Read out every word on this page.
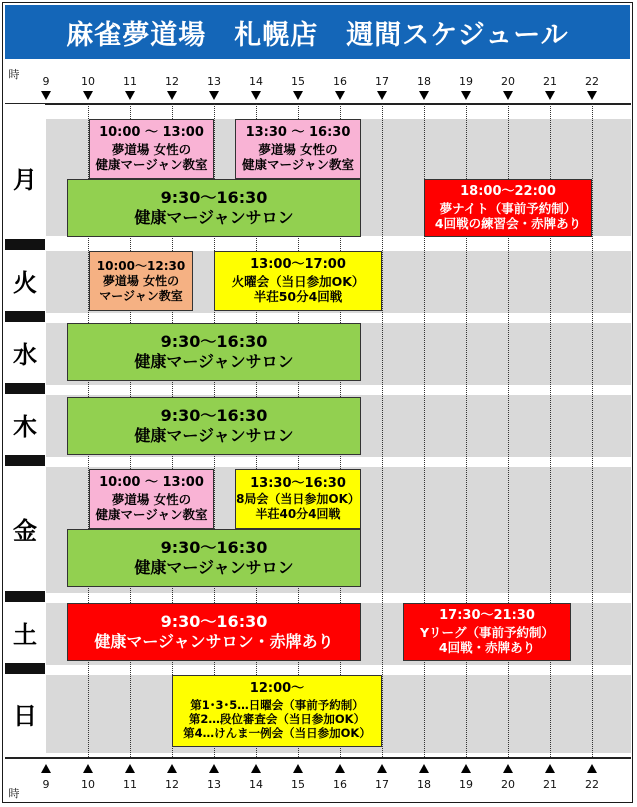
麻雀夢道場　札幌店　週間スケジュール
時
9	10	11	12	13	14	15	16	17	18	19	20	21	22
9	10	11	12	13	14	15	16	17	18	19	20	21	22
時
月
火
水
木
金
土
日
10:00 ～ 13:00
夢道場 女性の
健康マージャン教室
13:30 ～ 16:30
夢道場 女性の
健康マージャン教室
9:30～16:30
健康マージャンサロン
18:00～22:00
夢ナイト（事前予約制）
4回戦の練習会・赤牌あり
10:00～12:30
夢道場 女性の
マージャン教室
13:00～17:00
火曜会（当日参加OK）
半荘50分4回戦
9:30～16:30
健康マージャンサロン
9:30～16:30
健康マージャンサロン
10:00 ～ 13:00
夢道場 女性の
健康マージャン教室
13:30～16:30
8局会（当日参加OK）
半荘40分4回戦
9:30～16:30
健康マージャンサロン
9:30～16:30
健康マージャンサロン・赤牌あり
17:30～21:30
Yリーグ（事前予約制）
4回戦・赤牌あり
12:00～
第1･3･5…日曜会（事前予約制）
第2…段位審査会（当日参加OK）
第4…けんま一例会（当日参加OK）
